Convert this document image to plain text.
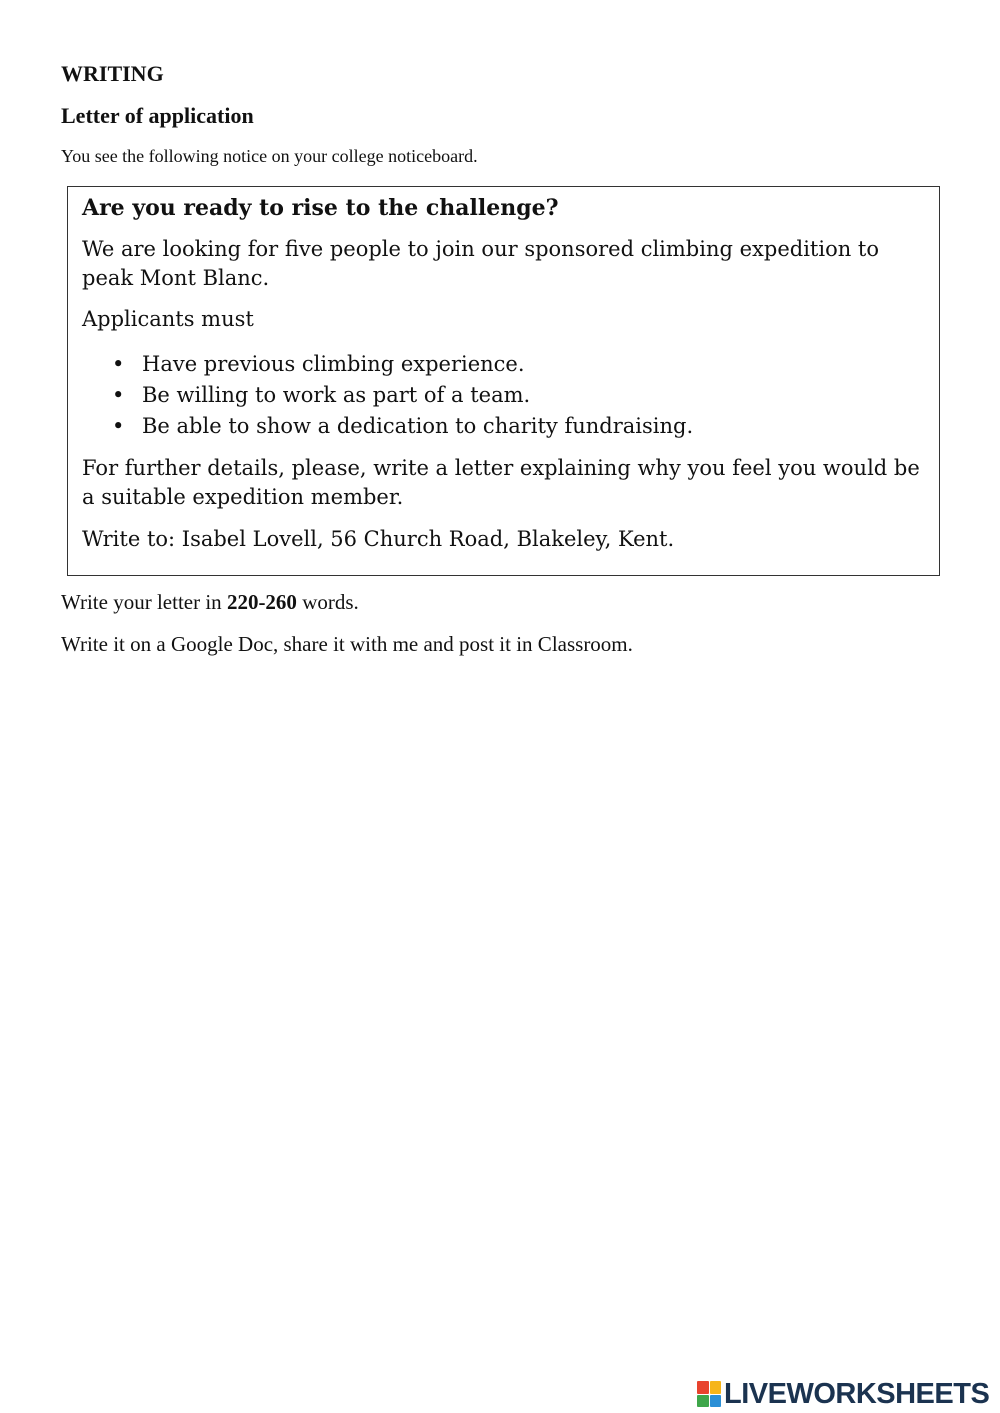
WRITING
Letter of application

You see the following notice on your college noticeboard.

Are you ready to rise to the challenge?

We are looking for five people to join our sponsored climbing expedition to peak Mont Blanc.

Applicants must

• Have previous climbing experience.
• Be willing to work as part of a team.
• Be able to show a dedication to charity fundraising.

For further details, please, write a letter explaining why you feel you would be a suitable expedition member.

Write to: Isabel Lovell, 56 Church Road, Blakeley, Kent.

Write your letter in 220-260 words.

Write it on a Google Doc, share it with me and post it in Classroom.

LIVEWORKSHEETS
